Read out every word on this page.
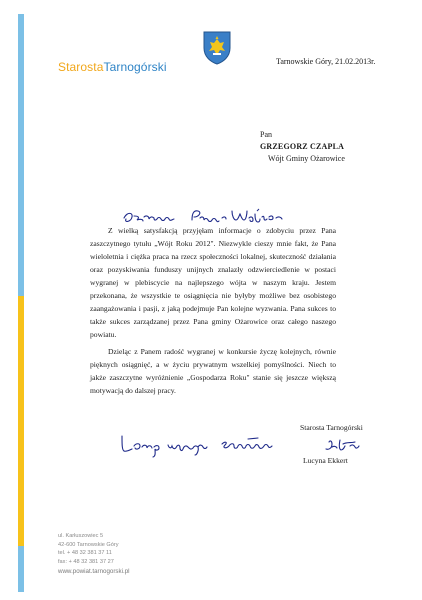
StarostaTarnogórski	Tarnowskie Góry, 21.02.2013r.
Pan
GRZEGORZ CZAPLA
Wójt Gminy Ożarowice

Z wielką satysfakcją przyjęłam informacje o zdobyciu przez Pana zaszczytnego tytułu „Wójt Roku 2012". Niezwykle cieszy mnie fakt, że Pana wieloletnia i ciężka praca na rzecz społeczności lokalnej, skuteczność działania oraz pozyskiwania funduszy unijnych znalazły odzwierciedlenie w postaci wygranej w plebiscycie na najlepszego wójta w naszym kraju. Jestem przekonana, że wszystkie te osiągnięcia nie byłyby możliwe bez osobistego zaangażowania i pasji, z jaką podejmuje Pan kolejne wyzwania. Pana sukces to także sukces zarządzanej przez Pana gminy Ożarowice oraz całego naszego powiatu.

Dzieląc z Panem radość wygranej w konkursie życzę kolejnych, równie pięknych osiągnięć, a w życiu prywatnym wszelkiej pomyślności. Niech to jakże zaszczytne wyróżnienie „Gospodarza Roku" stanie się jeszcze większą motywacją do dalszej pracy.

Starosta Tarnogórski
Lucyna Ekkert
ul. Karłuszowiec 5
42-600 Tarnowskie Góry
tel. + 48 32 381 37 11
fax: + 48 32 381 37 27
www.powiat.tarnogorski.pl
